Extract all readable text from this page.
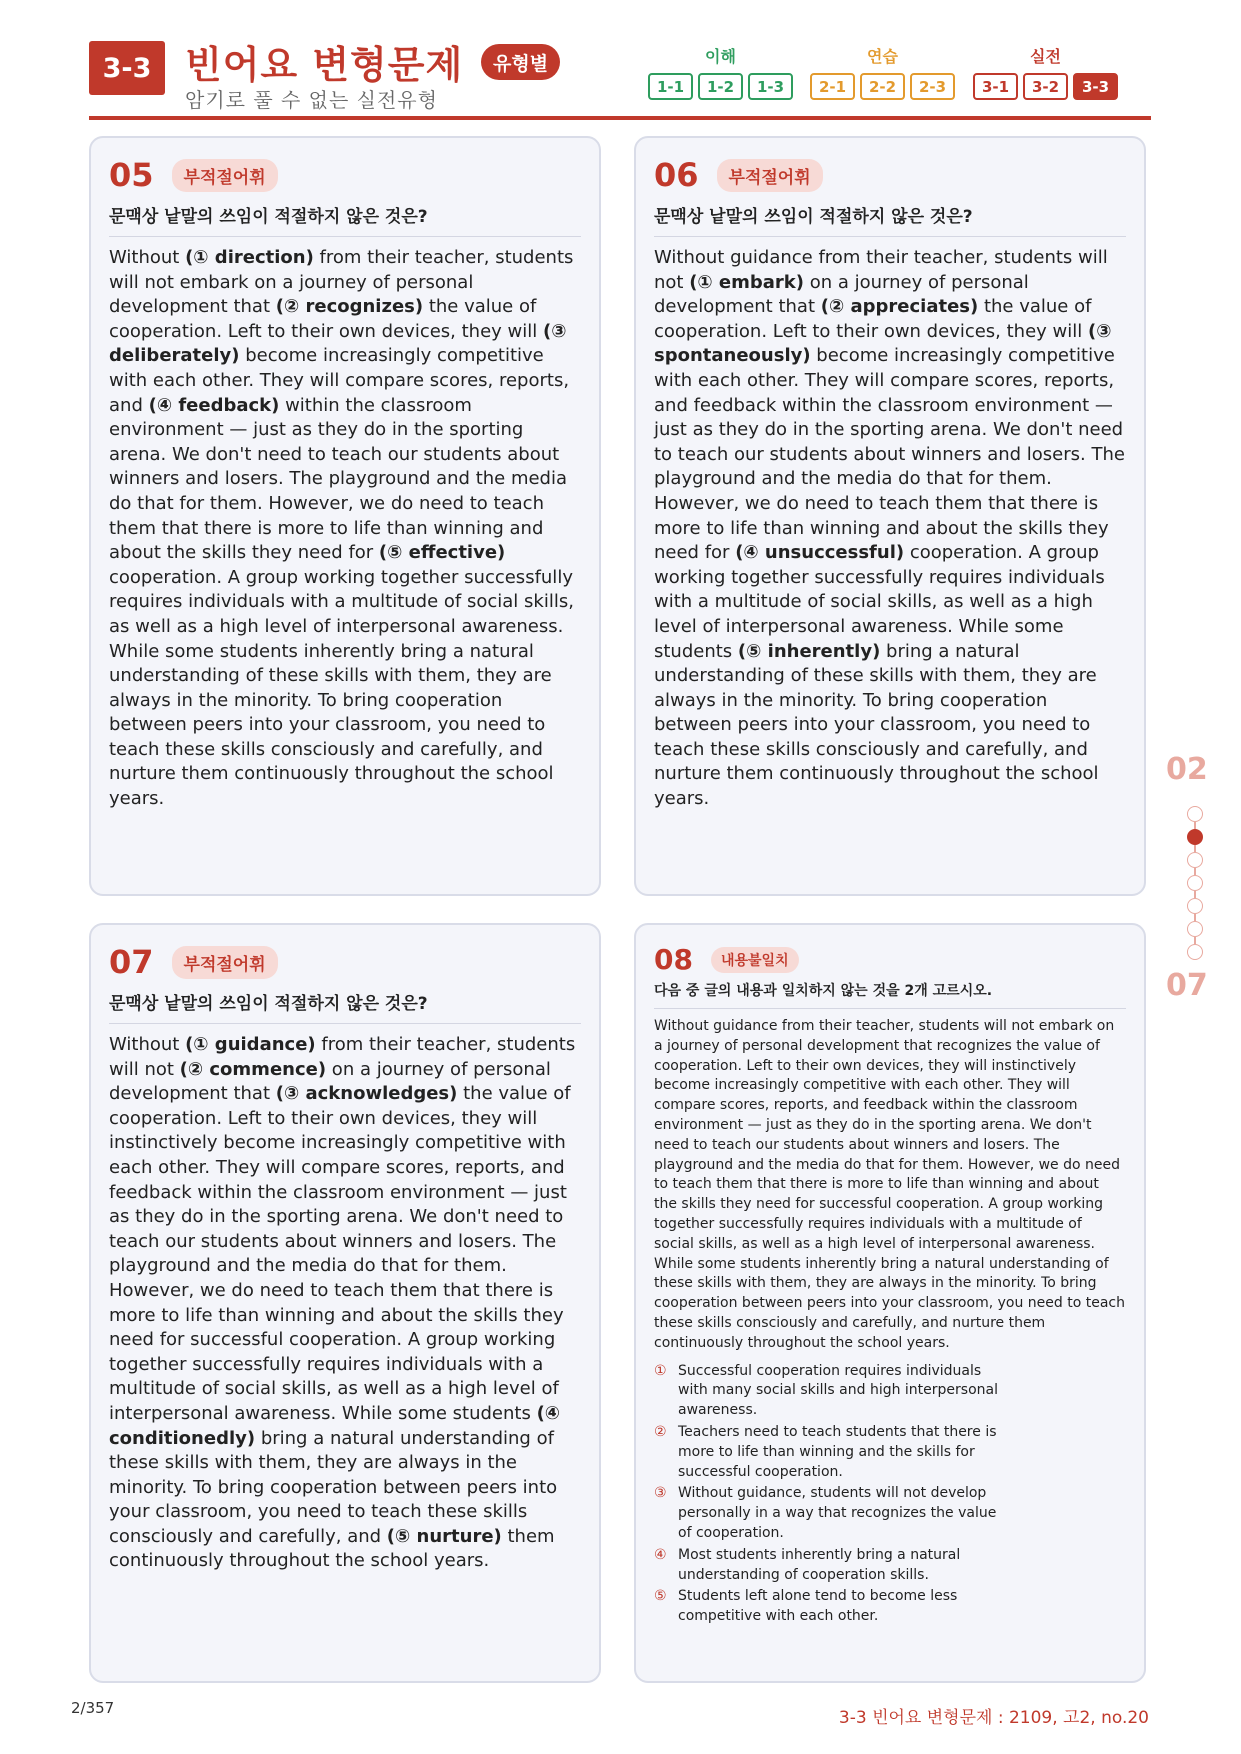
3-3 빈어요 변형문제	유형별
암기로 풀 수 없는 실전유형
이해
1-1	1-2	1-3
연습
2-1	2-2	2-3
실전
3-1	3-2	3-3
05	부적절어휘
문맥상 낱말의 쓰임이 적절하지 않은 것은?
Without (① direction) from their teacher, students will not embark on a journey of personal development that (② recognizes) the value of cooperation. Left to their own devices, they will (③ deliberately) become increasingly competitive with each other. They will compare scores, reports, and (④ feedback) within the classroom environment — just as they do in the sporting arena. We don't need to teach our students about winners and losers. The playground and the media do that for them. However, we do need to teach them that there is more to life than winning and about the skills they need for (⑤ effective) cooperation. A group working together successfully requires individuals with a multitude of social skills, as well as a high level of interpersonal awareness. While some students inherently bring a natural understanding of these skills with them, they are always in the minority. To bring cooperation between peers into your classroom, you need to teach these skills consciously and carefully, and nurture them continuously throughout the school years.
06	부적절어휘
문맥상 낱말의 쓰임이 적절하지 않은 것은?
Without guidance from their teacher, students will not (① embark) on a journey of personal development that (② appreciates) the value of cooperation. Left to their own devices, they will (③ spontaneously) become increasingly competitive with each other. They will compare scores, reports, and feedback within the classroom environment — just as they do in the sporting arena. We don't need to teach our students about winners and losers. The playground and the media do that for them. However, we do need to teach them that there is more to life than winning and about the skills they need for (④ unsuccessful) cooperation. A group working together successfully requires individuals with a multitude of social skills, as well as a high level of interpersonal awareness. While some students (⑤ inherently) bring a natural understanding of these skills with them, they are always in the minority. To bring cooperation between peers into your classroom, you need to teach these skills consciously and carefully, and nurture them continuously throughout the school years.
07	부적절어휘
문맥상 낱말의 쓰임이 적절하지 않은 것은?
Without (① guidance) from their teacher, students will not (② commence) on a journey of personal development that (③ acknowledges) the value of cooperation. Left to their own devices, they will instinctively become increasingly competitive with each other. They will compare scores, reports, and feedback within the classroom environment — just as they do in the sporting arena. We don't need to teach our students about winners and losers. The playground and the media do that for them. However, we do need to teach them that there is more to life than winning and about the skills they need for successful cooperation. A group working together successfully requires individuals with a multitude of social skills, as well as a high level of interpersonal awareness. While some students (④ conditionedly) bring a natural understanding of these skills with them, they are always in the minority. To bring cooperation between peers into your classroom, you need to teach these skills consciously and carefully, and (⑤ nurture) them continuously throughout the school years.
08	내용불일치
다음 중 글의 내용과 일치하지 않는 것을 2개 고르시오.
Without guidance from their teacher, students will not embark on a journey of personal development that recognizes the value of cooperation. Left to their own devices, they will instinctively become increasingly competitive with each other. They will compare scores, reports, and feedback within the classroom environment — just as they do in the sporting arena. We don't need to teach our students about winners and losers. The playground and the media do that for them. However, we do need to teach them that there is more to life than winning and about the skills they need for successful cooperation. A group working together successfully requires individuals with a multitude of social skills, as well as a high level of interpersonal awareness. While some students inherently bring a natural understanding of these skills with them, they are always in the minority. To bring cooperation between peers into your classroom, you need to teach these skills consciously and carefully, and nurture them continuously throughout the school years.
① Successful cooperation requires individuals with many social skills and high interpersonal awareness.
② Teachers need to teach students that there is more to life than winning and the skills for successful cooperation.
③ Without guidance, students will not develop personally in a way that recognizes the value of cooperation.
④ Most students inherently bring a natural understanding of cooperation skills.
⑤ Students left alone tend to become less competitive with each other.
02
07
2/357	3-3 빈어요 변형문제 : 2109, 고2, no.20
